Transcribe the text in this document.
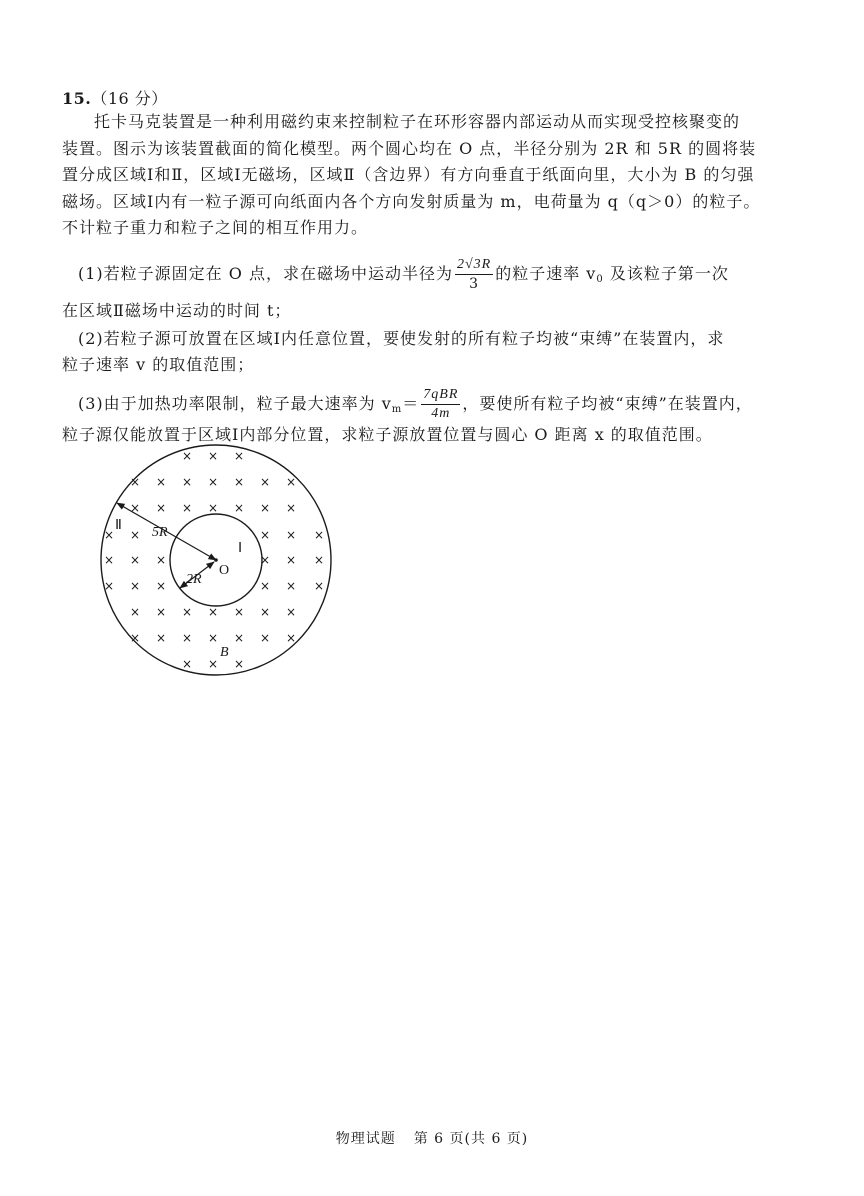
15.（16 分）
托卡马克装置是一种利用磁约束来控制粒子在环形容器内部运动从而实现受控核聚变的
装置。图示为该装置截面的简化模型。两个圆心均在 O 点，半径分别为 2R 和 5R 的圆将装
置分成区域Ⅰ和Ⅱ，区域Ⅰ无磁场，区域Ⅱ（含边界）有方向垂直于纸面向里，大小为 B 的匀强
磁场。区域Ⅰ内有一粒子源可向纸面内各个方向发射质量为 m，电荷量为 q（q＞0）的粒子。
不计粒子重力和粒子之间的相互作用力。
(1)若粒子源固定在 O 点，求在磁场中运动半径为 $\frac{2√3R}{3}$ 的粒子速率 $v_0$ 及该粒子第一次
在区域Ⅱ磁场中运动的时间 t；
(2)若粒子源可放置在区域Ⅰ内任意位置，要使发射的所有粒子均被“束缚”在装置内，求
粒子速率 v 的取值范围；
(3)由于加热功率限制，粒子最大速率为 $v_m= \frac{\text{7qBR}}{4m}$ ，要使所有粒子均被“束缚”在装置内，
粒子源仅能放置于区域Ⅰ内部分位置，求粒子源放置位置与圆心 O 距离 x 的取值范围。
× × ×
× × × × × × ×
× × × × × × ×
× ×	× × ×
× × ×	× × ×
× × ×	× × ×
× × × × × × ×
× × × × × × ×
× × ×
5R
2R
O
Ⅰ
Ⅱ
B
物理试题 第 6 页(共 6 页)
